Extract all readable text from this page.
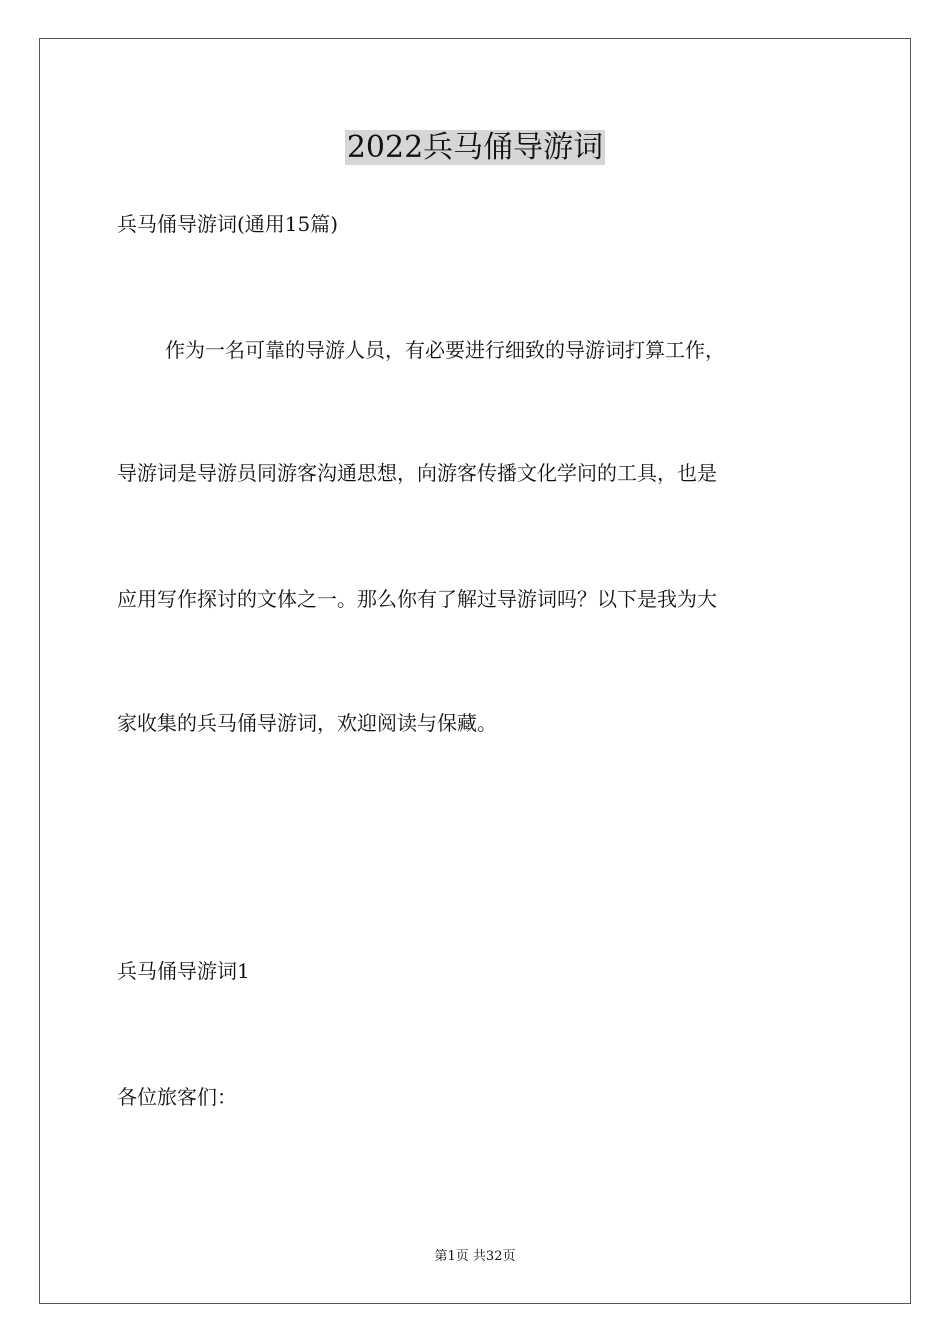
2022兵马俑导游词
兵马俑导游词(通用15篇)
作为一名可靠的导游人员，有必要进行细致的导游词打算工作，
导游词是导游员同游客沟通思想，向游客传播文化学问的工具，也是
应用写作探讨的文体之一。那么你有了解过导游词吗？以下是我为大
家收集的兵马俑导游词，欢迎阅读与保藏。
兵马俑导游词1
各位旅客们：
第1页 共32页
